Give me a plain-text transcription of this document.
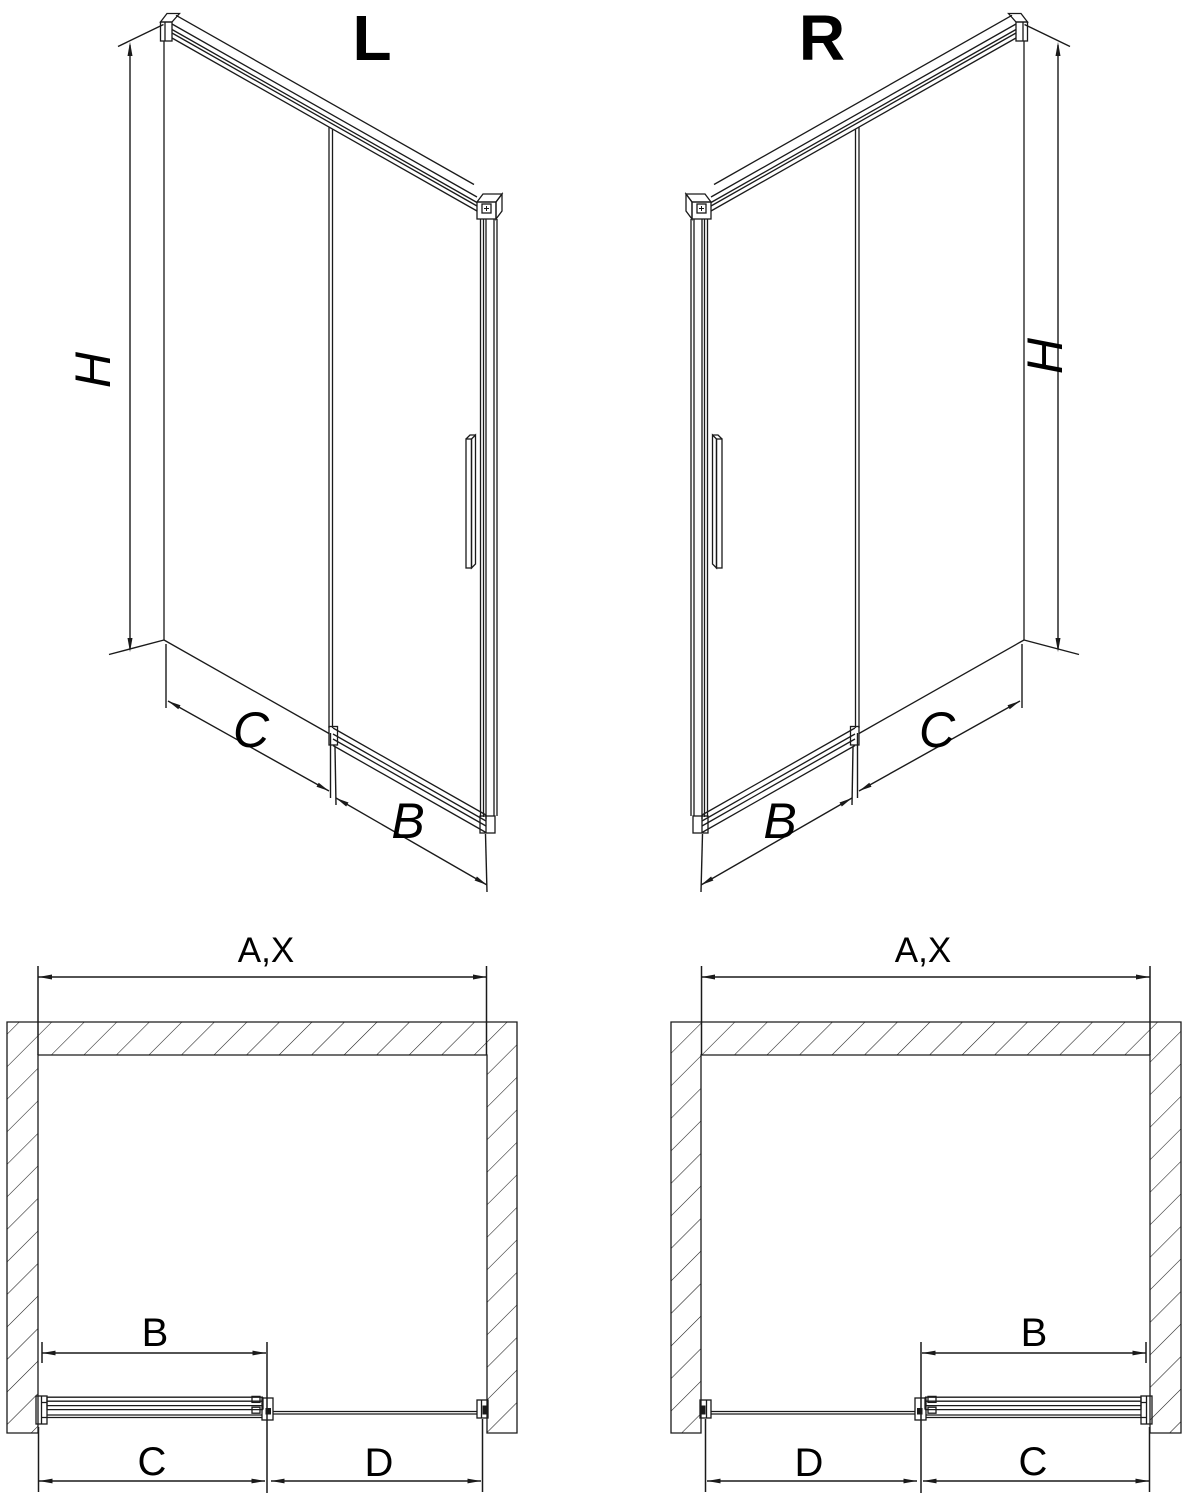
L	R
H	H
C
B
C
B
A,X	A,X
B	B
C	D	D	C
